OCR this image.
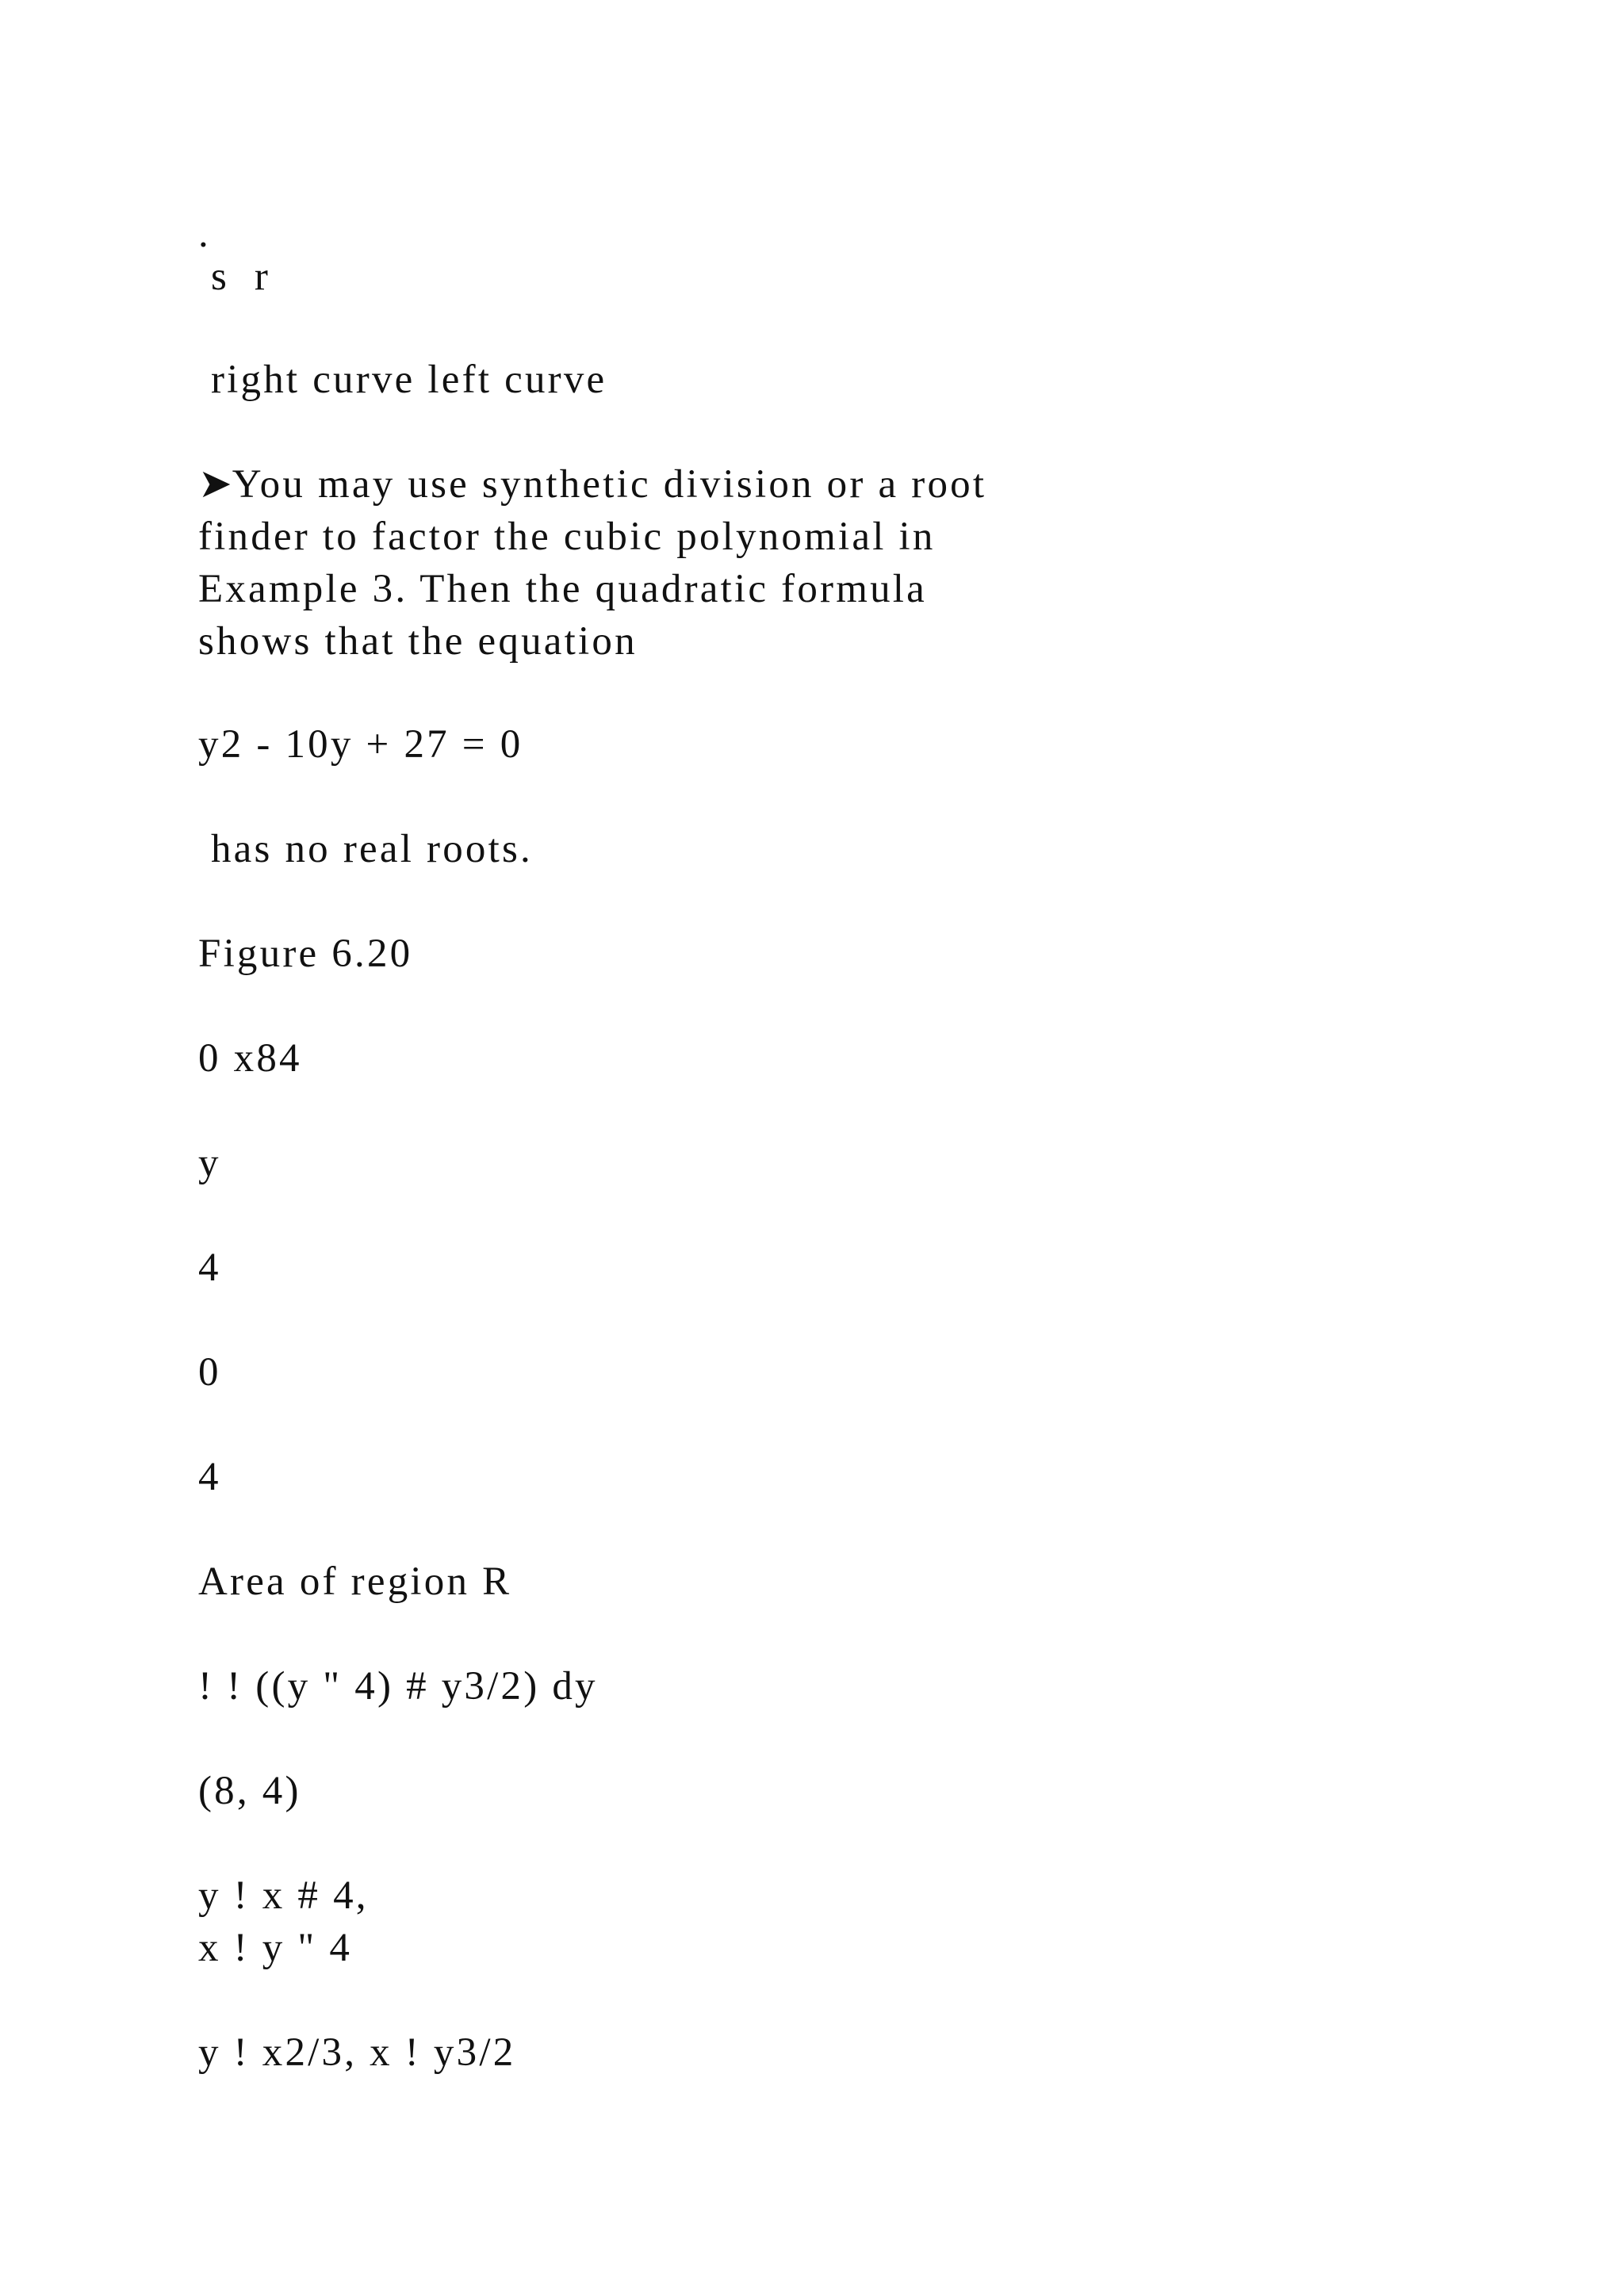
.

s  r

right curve left curve

➤You may use synthetic division or a root

finder to factor the cubic polynomial in

Example 3. Then the quadratic formula

shows that the equation

y2 - 10y + 27 = 0

has no real roots.

Figure 6.20

0 x84

y

4

0

4

Area of region R

! ! ((y " 4) # y3/2) dy

(8, 4)

y ! x # 4,

x ! y " 4

y ! x2/3, x ! y3/2
